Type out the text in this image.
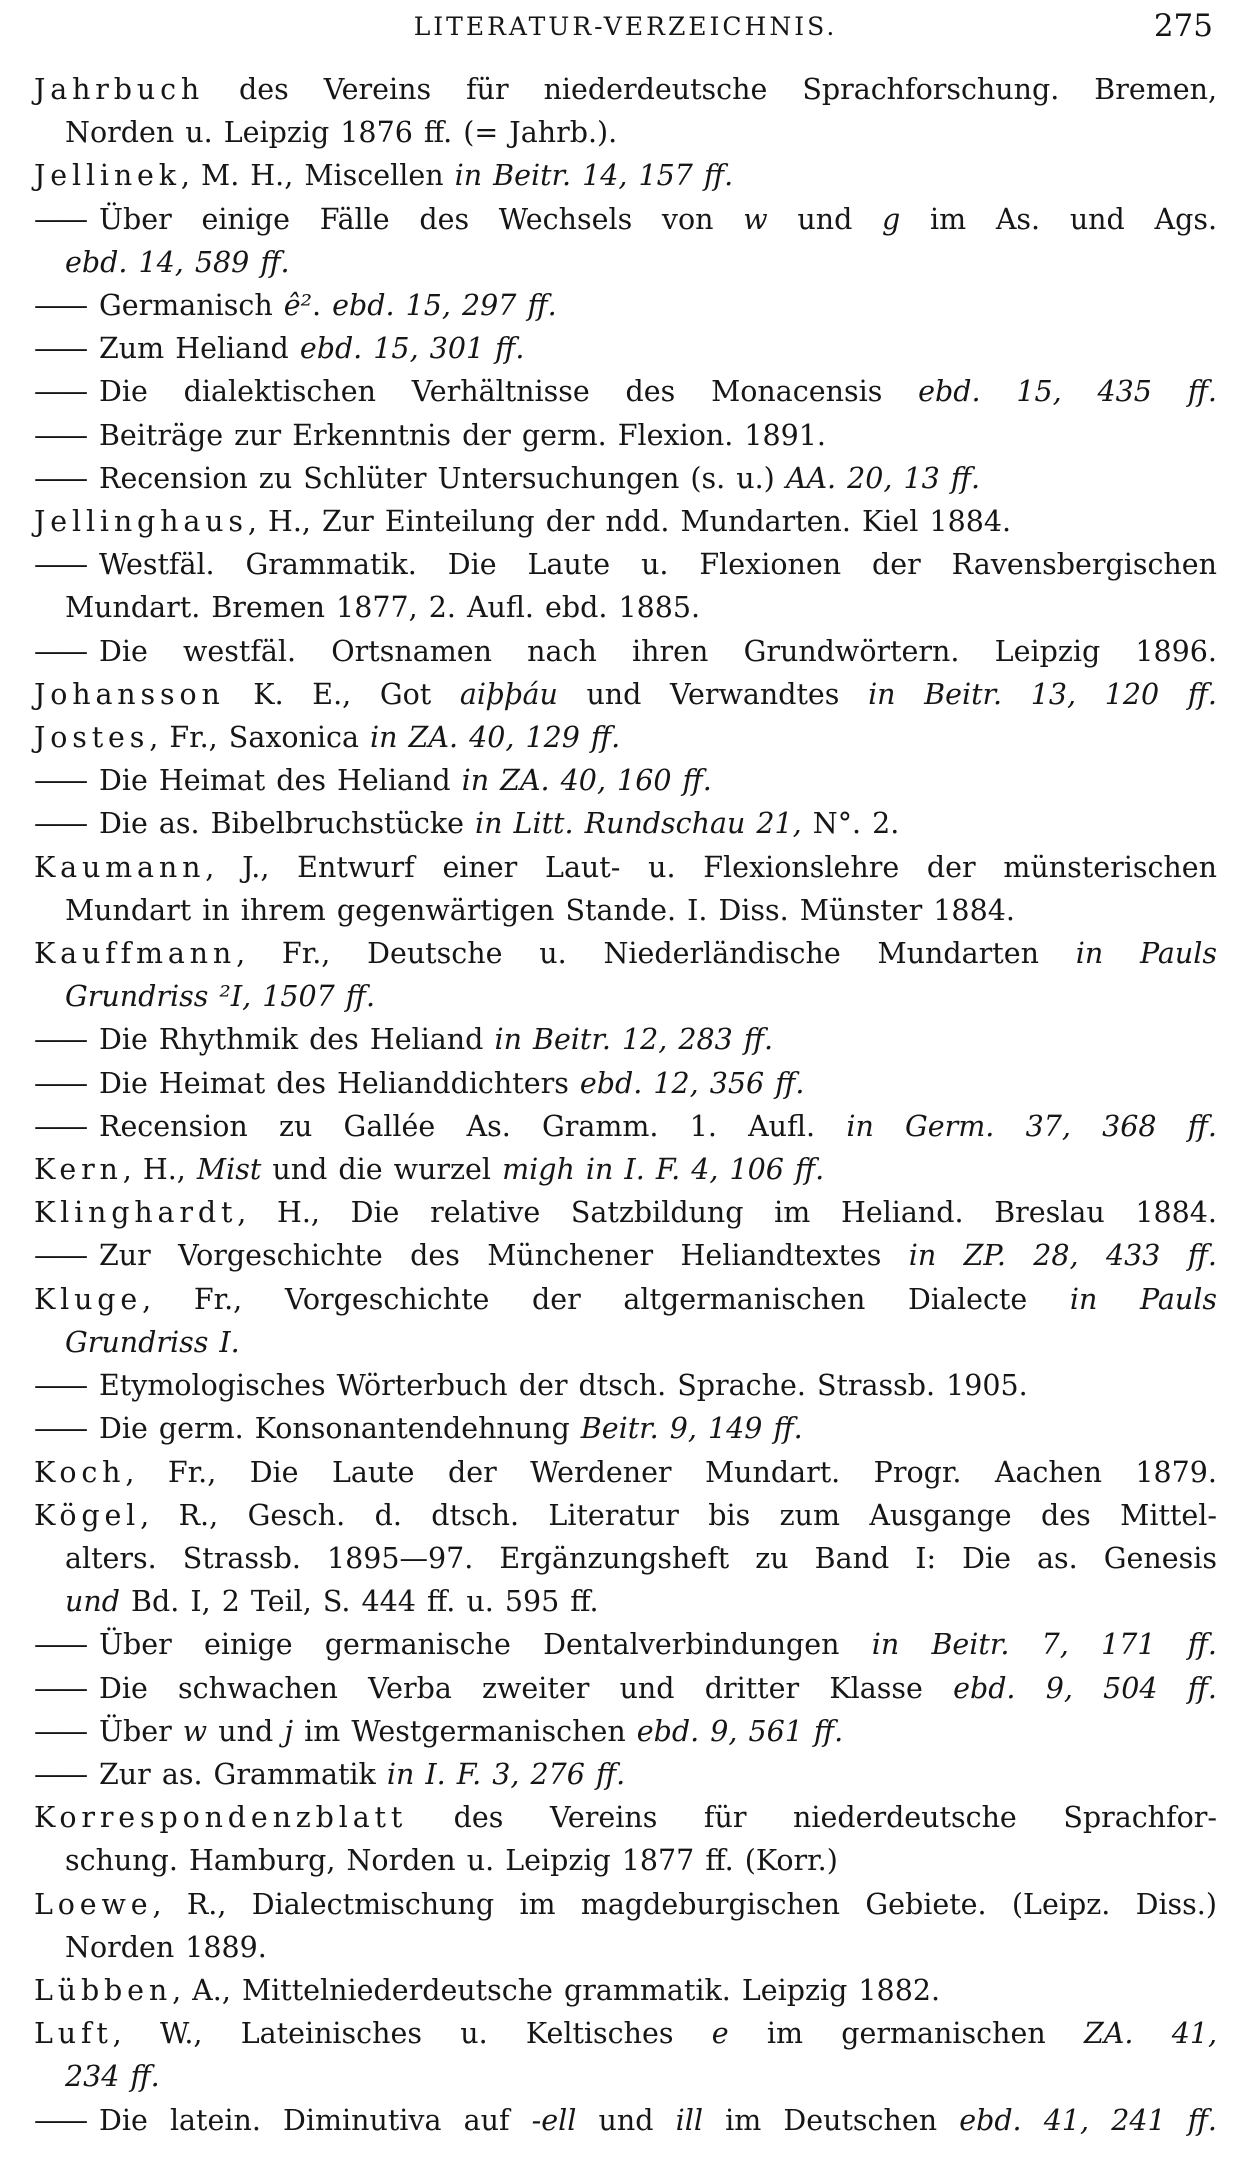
LITERATUR-VERZEICHNIS.	275
Jahrbuch des Vereins für niederdeutsche Sprachforschung. Bremen,
Norden u. Leipzig 1876 ff. (= Jahrb.).
Jellinek, M. H., Miscellen in Beitr. 14, 157 ff.
—— Über einige Fälle des Wechsels von w und g im As. und Ags.
ebd. 14, 589 ff.
—— Germanisch ê². ebd. 15, 297 ff.
—— Zum Heliand ebd. 15, 301 ff.
—— Die dialektischen Verhältnisse des Monacensis ebd. 15, 435 ff.
—— Beiträge zur Erkenntnis der germ. Flexion. 1891.
—— Recension zu Schlüter Untersuchungen (s. u.) AA. 20, 13 ff.
Jellinghaus, H., Zur Einteilung der ndd. Mundarten. Kiel 1884.
—— Westfäl. Grammatik. Die Laute u. Flexionen der Ravensbergischen
Mundart. Bremen 1877, 2. Aufl. ebd. 1885.
—— Die westfäl. Ortsnamen nach ihren Grundwörtern. Leipzig 1896.
Johansson K. E., Got aiþþáu und Verwandtes in Beitr. 13, 120 ff.
Jostes, Fr., Saxonica in ZA. 40, 129 ff.
—— Die Heimat des Heliand in ZA. 40, 160 ff.
—— Die as. Bibelbruchstücke in Litt. Rundschau 21, N°. 2.
Kaumann, J., Entwurf einer Laut- u. Flexionslehre der münsterischen
Mundart in ihrem gegenwärtigen Stande. I. Diss. Münster 1884.
Kauffmann, Fr., Deutsche u. Niederländische Mundarten in Pauls
Grundriss ²I, 1507 ff.
—— Die Rhythmik des Heliand in Beitr. 12, 283 ff.
—— Die Heimat des Helianddichters ebd. 12, 356 ff.
—— Recension zu Gallée As. Gramm. 1. Aufl. in Germ. 37, 368 ff.
Kern, H., Mist und die wurzel migh in I. F. 4, 106 ff.
Klinghardt, H., Die relative Satzbildung im Heliand. Breslau 1884.
—— Zur Vorgeschichte des Münchener Heliandtextes in ZP. 28, 433 ff.
Kluge, Fr., Vorgeschichte der altgermanischen Dialecte in Pauls
Grundriss I.
—— Etymologisches Wörterbuch der dtsch. Sprache. Strassb. 1905.
—— Die germ. Konsonantendehnung Beitr. 9, 149 ff.
Koch, Fr., Die Laute der Werdener Mundart. Progr. Aachen 1879.
Kögel, R., Gesch. d. dtsch. Literatur bis zum Ausgange des Mittel-
alters. Strassb. 1895—97. Ergänzungsheft zu Band I: Die as. Genesis
und Bd. I, 2 Teil, S. 444 ff. u. 595 ff.
—— Über einige germanische Dentalverbindungen in Beitr. 7, 171 ff.
—— Die schwachen Verba zweiter und dritter Klasse ebd. 9, 504 ff.
—— Über w und j im Westgermanischen ebd. 9, 561 ff.
—— Zur as. Grammatik in I. F. 3, 276 ff.
Korrespondenzblatt des Vereins für niederdeutsche Sprachfor-
schung. Hamburg, Norden u. Leipzig 1877 ff. (Korr.)
Loewe, R., Dialectmischung im magdeburgischen Gebiete. (Leipz. Diss.)
Norden 1889.
Lübben, A., Mittelniederdeutsche grammatik. Leipzig 1882.
Luft, W., Lateinisches u. Keltisches e im germanischen ZA. 41,
234 ff.
—— Die latein. Diminutiva auf -ell und ill im Deutschen ebd. 41, 241 ff.
